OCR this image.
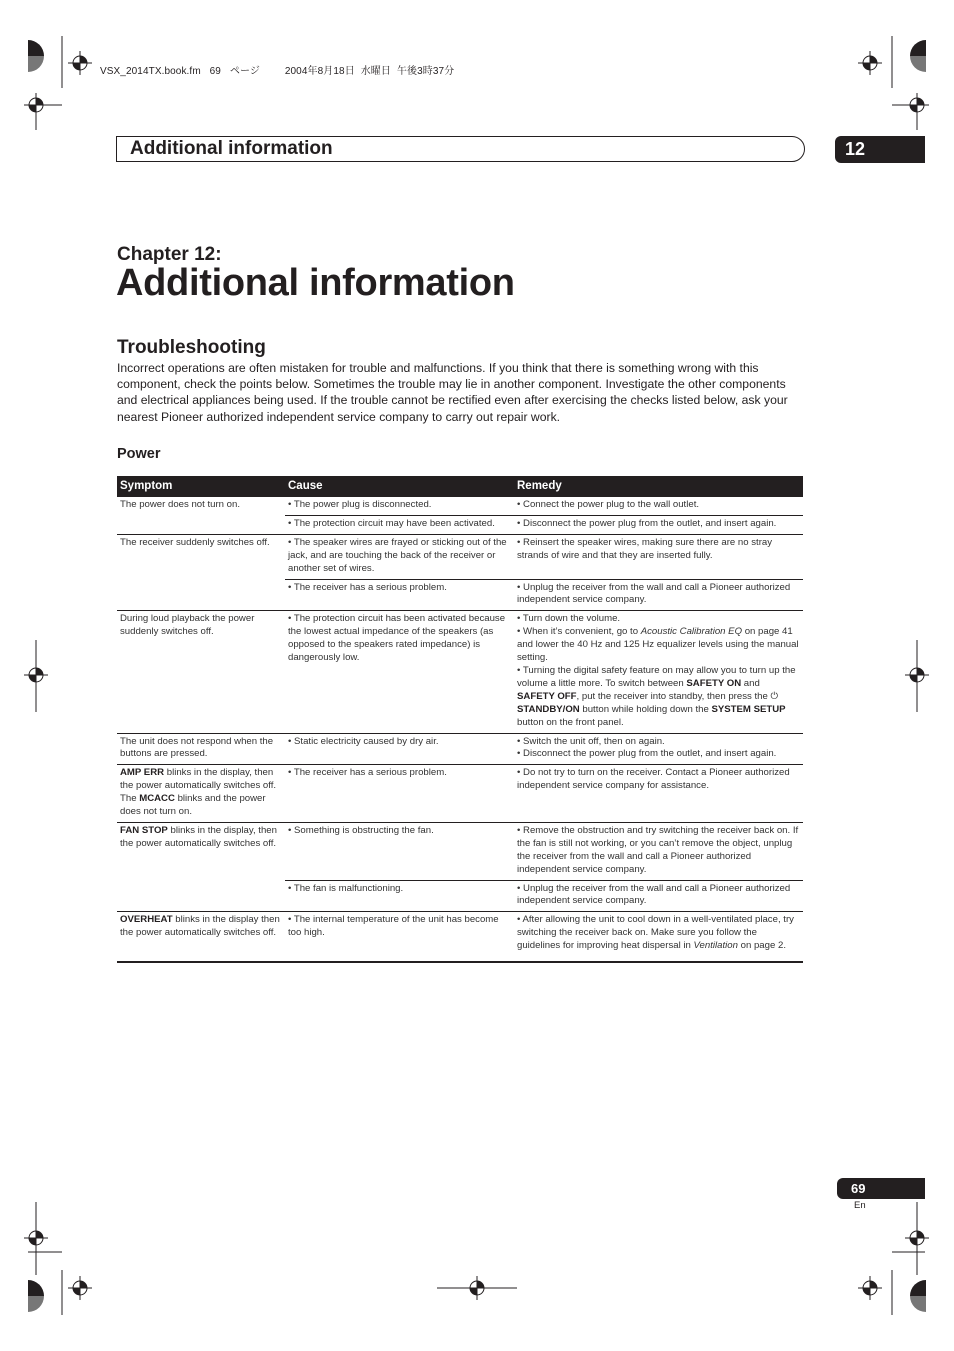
VSX_2014TX.book.fm 69 ページ 2004年8月18日 水曜日 午後3時37分
Additional information	12
Chapter 12:
Additional information
Troubleshooting
Incorrect operations are often mistaken for trouble and malfunctions. If you think that there is something wrong with this component, check the points below. Sometimes the trouble may lie in another component. Investigate the other components and electrical appliances being used. If the trouble cannot be rectified even after exercising the checks listed below, ask your nearest Pioneer authorized independent service company to carry out repair work.
Power
Symptom	Cause	Remedy
The power does not turn on.	• The power plug is disconnected.	• Connect the power plug to the wall outlet.
	• The protection circuit may have been activated.	• Disconnect the power plug from the outlet, and insert again.
The receiver suddenly switches off.	• The speaker wires are frayed or sticking out of the jack, and are touching the back of the receiver or another set of wires.	• Reinsert the speaker wires, making sure there are no stray strands of wire and that they are inserted fully.
	• The receiver has a serious problem.	• Unplug the receiver from the wall and call a Pioneer authorized independent service company.
During loud playback the power suddenly switches off.	• The protection circuit has been activated because the lowest actual impedance of the speakers (as opposed to the speakers rated impedance) is dangerously low.	• Turn down the volume.
• When it’s convenient, go to Acoustic Calibration EQ on page 41 and lower the 40 Hz and 125 Hz equalizer levels using the manual setting.
• Turning the digital safety feature on may allow you to turn up the volume a little more. To switch between SAFETY ON and SAFETY OFF, put the receiver into standby, then press the ⏻ STANDBY/ON button while holding down the SYSTEM SETUP button on the front panel.

The unit does not respond when the buttons are pressed.	• Static electricity caused by dry air.	• Switch the unit off, then on again.
• Disconnect the power plug from the outlet, and insert again.

AMP ERR blinks in the display, then the power automatically switches off. The MCACC blinks and the power does not turn on.	• The receiver has a serious problem.	• Do not try to turn on the receiver. Contact a Pioneer authorized independent service company for assistance.
FAN STOP blinks in the display, then the power automatically switches off.	• Something is obstructing the fan.	• Remove the obstruction and try switching the receiver back on. If the fan is still not working, or you can’t remove the object, unplug the receiver from the wall and call a Pioneer authorized independent service company.
	• The fan is malfunctioning.	• Unplug the receiver from the wall and call a Pioneer authorized independent service company.
OVERHEAT blinks in the display then the power automatically switches off.	• The internal temperature of the unit has become too high.	• After allowing the unit to cool down in a well-ventilated place, try switching the receiver back on. Make sure you follow the guidelines for improving heat dispersal in Ventilation on page 2.
69
En
